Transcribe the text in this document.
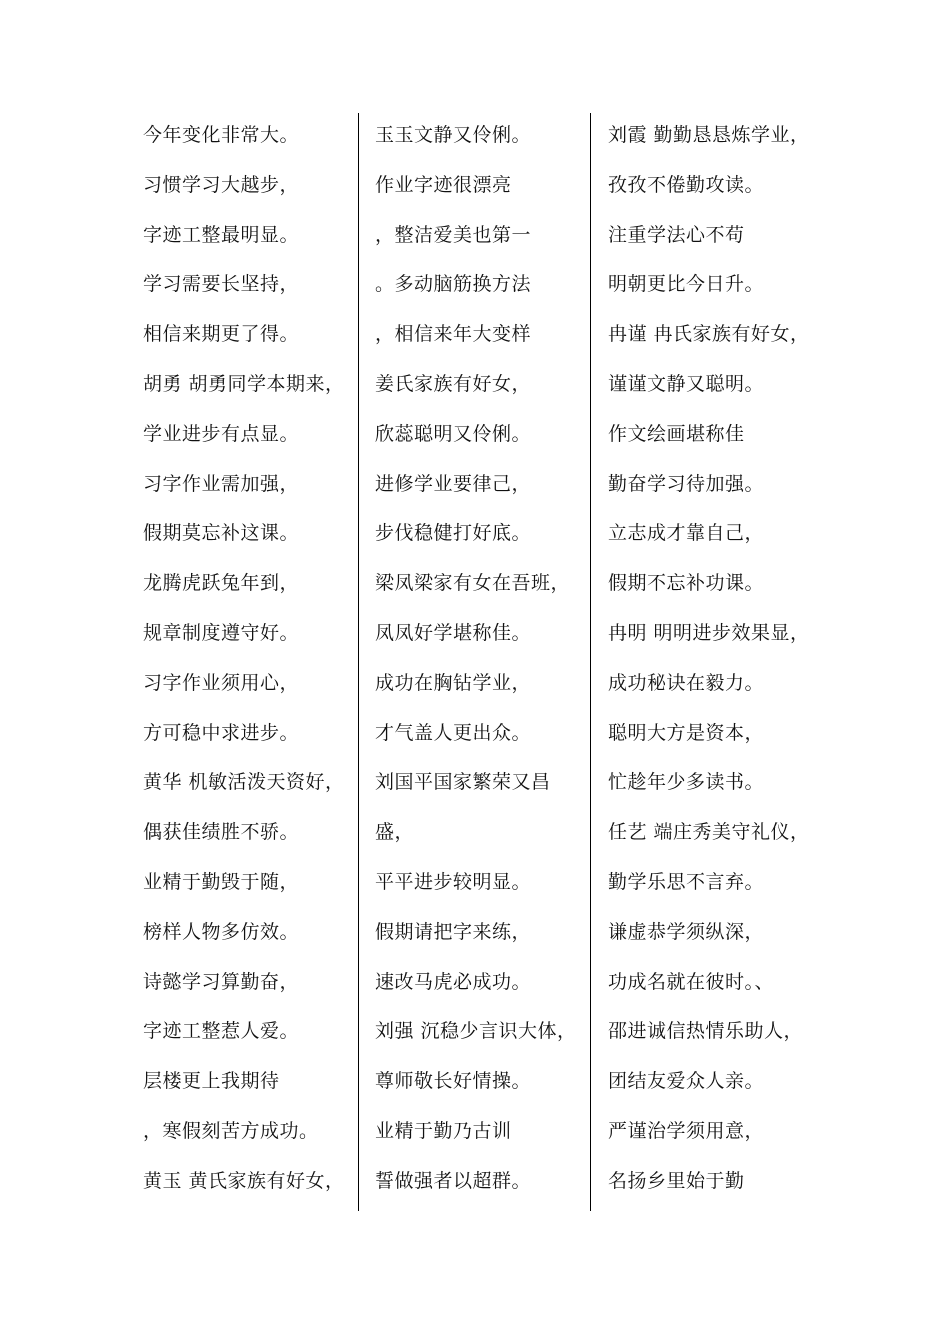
今年变化非常大。
习惯学习大越步，
字迹工整最明显。
学习需要长坚持，
相信来期更了得。
胡勇 胡勇同学本期来，
学业进步有点显。
习字作业需加强，
假期莫忘补这课。
龙腾虎跃兔年到，
规章制度遵守好。
习字作业须用心，
方可稳中求进步。
黄华 机敏活泼天资好，
偶获佳绩胜不骄。
业精于勤毁于随，
榜样人物多仿效。
诗懿学习算勤奋，
字迹工整惹人爱。
层楼更上我期待
，寒假刻苦方成功。
黄玉 黄氏家族有好女，
玉玉文静又伶俐。
作业字迹很漂亮
，整洁爱美也第一
。多动脑筋换方法
，相信来年大变样
姜氏家族有好女，
欣蕊聪明又伶俐。
进修学业要律己，
步伐稳健打好底。
梁凤梁家有女在吾班，
凤凤好学堪称佳。
成功在胸钻学业，
才气盖人更出众。
刘国平国家繁荣又昌
盛，
平平进步较明显。
假期请把字来练，
速改马虎必成功。
刘强 沉稳少言识大体，
尊师敬长好情操。
业精于勤乃古训
誓做强者以超群。
刘霞 勤勤恳恳炼学业，
孜孜不倦勤攻读。
注重学法心不苟
明朝更比今日升。
冉谨 冉氏家族有好女，
谨谨文静又聪明。
作文绘画堪称佳
勤奋学习待加强。
立志成才靠自己，
假期不忘补功课。
冉明 明明进步效果显，
成功秘诀在毅力。
聪明大方是资本，
忙趁年少多读书。
任艺 端庄秀美守礼仪，
勤学乐思不言弃。
谦虚恭学须纵深，
功成名就在彼时。、
邵进诚信热情乐助人，
团结友爱众人亲。
严谨治学须用意，
名扬乡里始于勤
